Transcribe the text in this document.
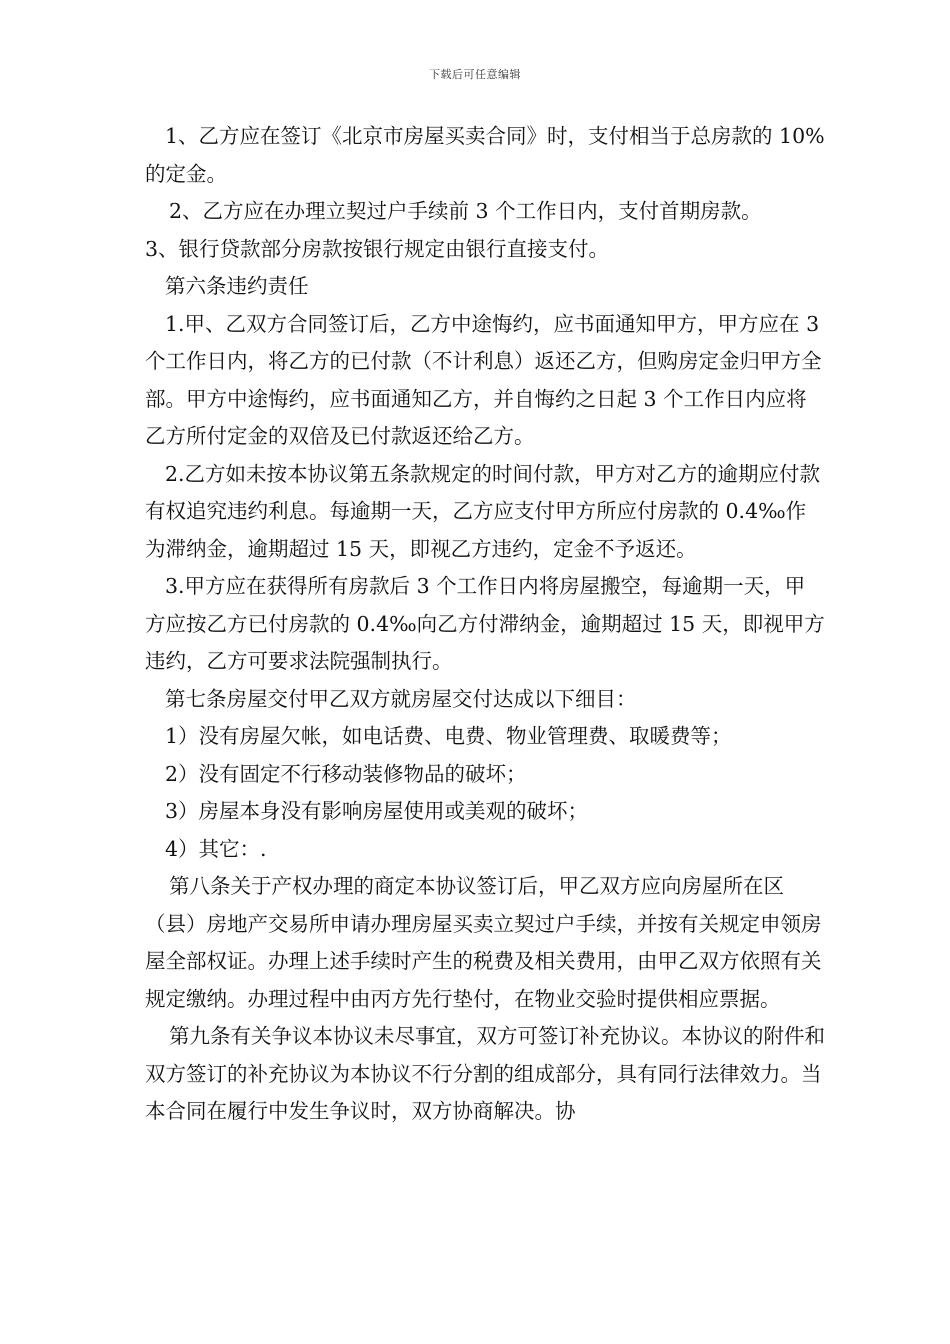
下载后可任意编辑

1、乙方应在签订《北京市房屋买卖合同》时，支付相当于总房款的 10%的定金。

2、乙方应在办理立契过户手续前 3 个工作日内，支付首期房款。

3、银行贷款部分房款按银行规定由银行直接支付。

第六条违约责任

1.甲、乙双方合同签订后，乙方中途悔约，应书面通知甲方，甲方应在 3 个工作日内，将乙方的已付款（不计利息）返还乙方，但购房定金归甲方全部。甲方中途悔约，应书面通知乙方，并自悔约之日起 3 个工作日内应将乙方所付定金的双倍及已付款返还给乙方。

2.乙方如未按本协议第五条款规定的时间付款，甲方对乙方的逾期应付款有权追究违约利息。每逾期一天，乙方应支付甲方所应付房款的 0.4‰作为滞纳金，逾期超过 15 天，即视乙方违约，定金不予返还。

3.甲方应在获得所有房款后 3 个工作日内将房屋搬空，每逾期一天，甲方应按乙方已付房款的 0.4‰向乙方付滞纳金，逾期超过 15 天，即视甲方违约，乙方可要求法院强制执行。

第七条房屋交付甲乙双方就房屋交付达成以下细目：

1）没有房屋欠帐，如电话费、电费、物业管理费、取暖费等；

2）没有固定不行移动装修物品的破坏；

3）房屋本身没有影响房屋使用或美观的破坏；

4）其它：.

第八条关于产权办理的商定本协议签订后，甲乙双方应向房屋所在区（县）房地产交易所申请办理房屋买卖立契过户手续，并按有关规定申领房屋全部权证。办理上述手续时产生的税费及相关费用，由甲乙双方依照有关规定缴纳。办理过程中由丙方先行垫付，在物业交验时提供相应票据。

第九条有关争议本协议未尽事宜，双方可签订补充协议。本协议的附件和双方签订的补充协议为本协议不行分割的组成部分，具有同行法律效力。当本合同在履行中发生争议时，双方协商解决。协
